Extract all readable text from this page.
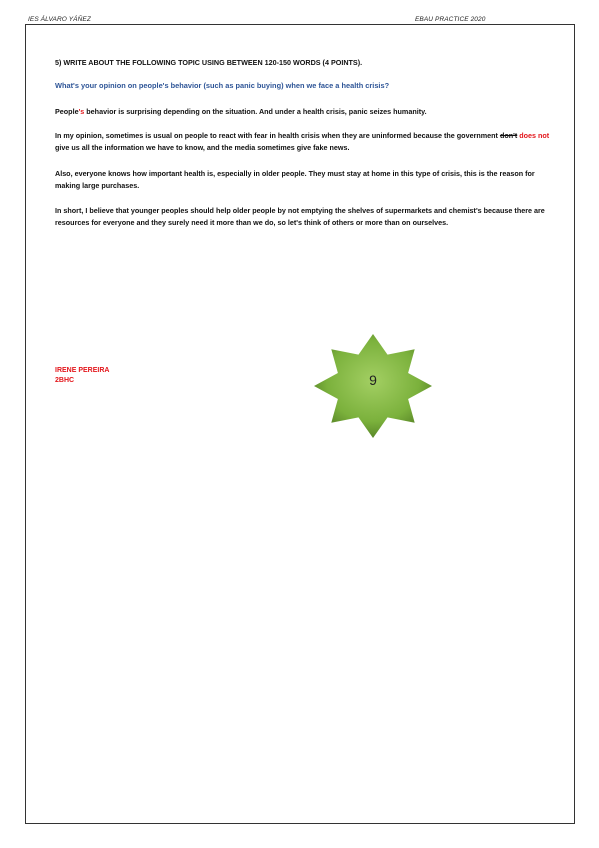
IES ÁLVARO YÁÑEZ	EBAU PRACTICE 2020
5) WRITE ABOUT THE FOLLOWING TOPIC USING BETWEEN 120-150 WORDS (4 POINTS).
What's your opinion on people's behavior (such as panic buying) when we face a health crisis?

People's behavior is surprising depending on the situation. And under a health crisis, panic seizes humanity.

In my opinion, sometimes is usual on people to react with fear in health crisis when they are uninformed because the government don't does not give us all the information we have to know, and the media sometimes give fake news.

Also, everyone knows how important health is, especially in older people. They must stay at home in this type of crisis, this is the reason for making large purchases.

In short, I believe that younger peoples should help older people by not emptying the shelves of supermarkets and chemist's because there are resources for everyone and they surely need it more than we do, so let's think of others or more than on ourselves.

IRENE PEREIRA
2BHC	9
